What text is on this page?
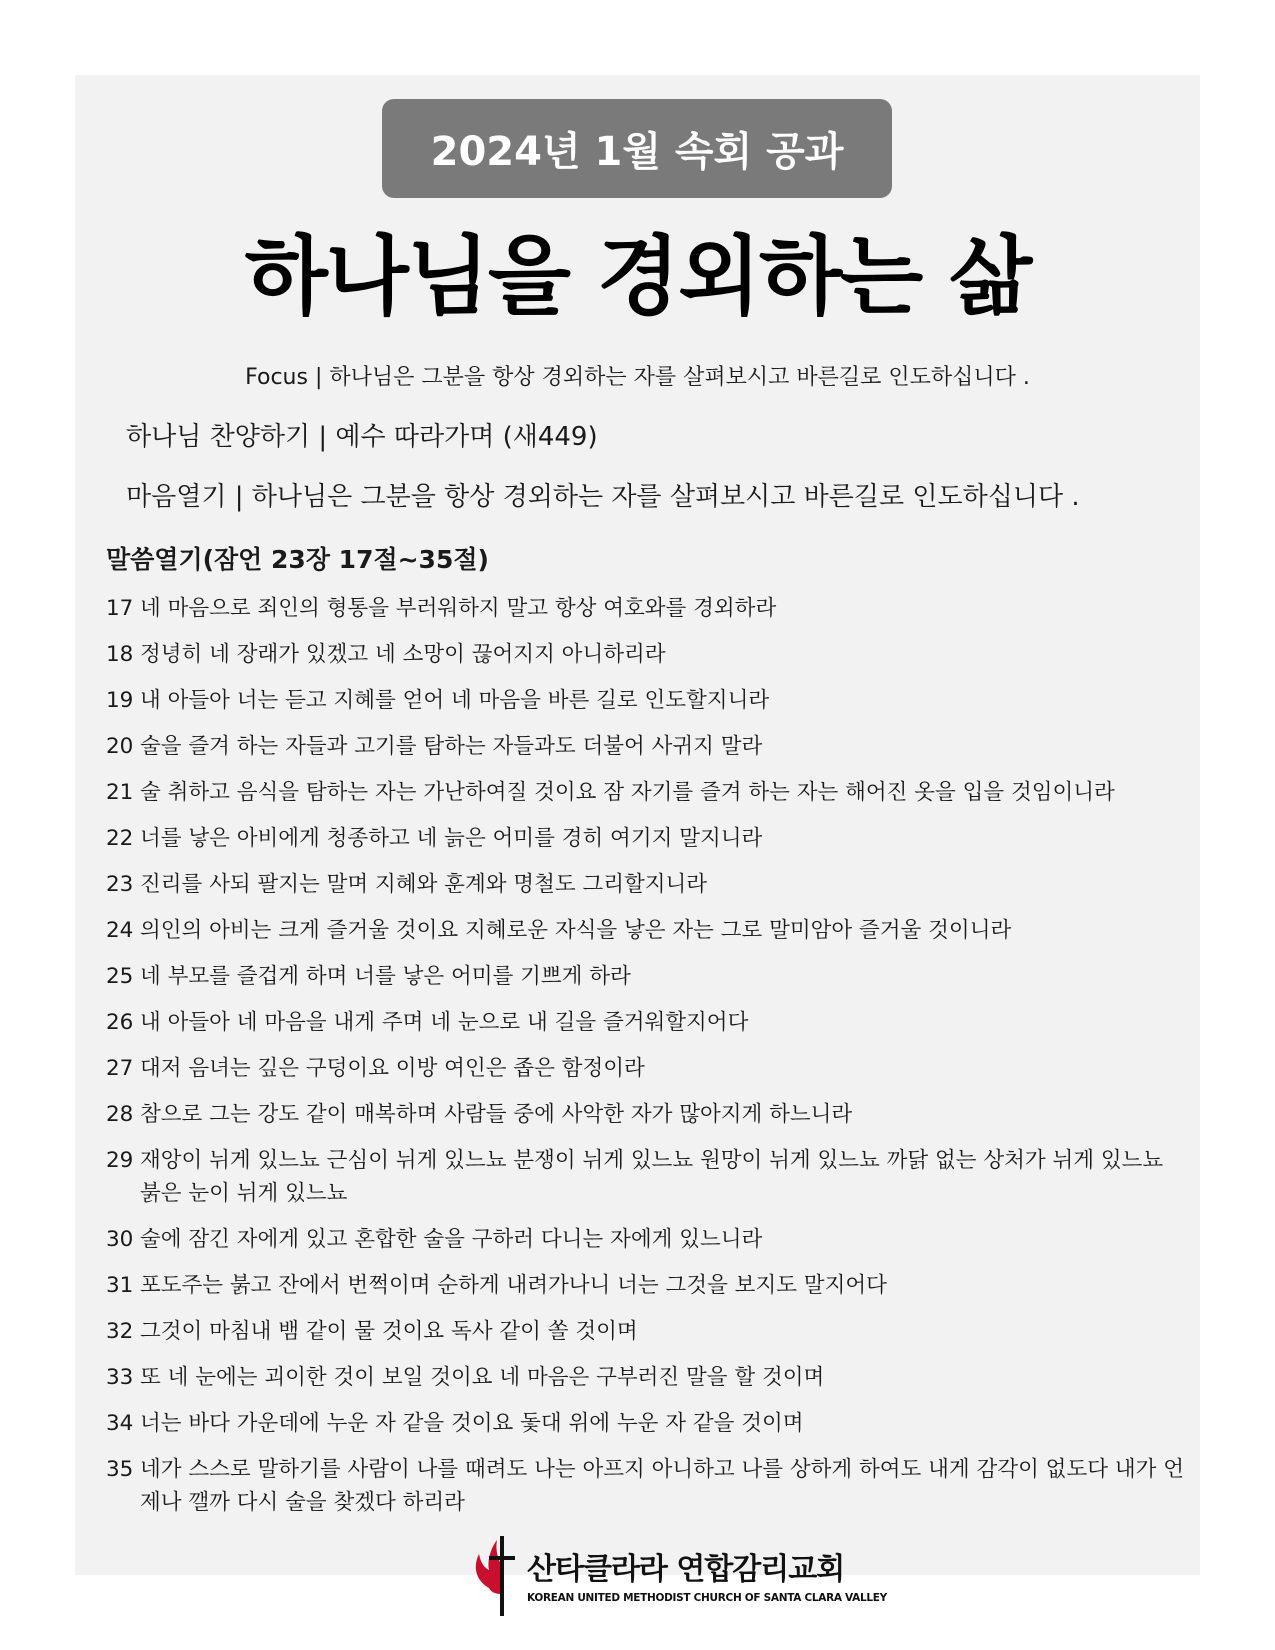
2024년 1월 속회 공과
하나님을 경외하는 삶
Focus | 하나님은 그분을 항상 경외하는 자를 살펴보시고 바른길로 인도하십니다 .
하나님 찬양하기 | 예수 따라가며 (새449)
마음열기 | 하나님은 그분을 항상 경외하는 자를 살펴보시고 바른길로 인도하십니다 .
말씀열기(잠언 23장 17절~35절)
17 네 마음으로 죄인의 형통을 부러워하지 말고 항상 여호와를 경외하라
18 정녕히 네 장래가 있겠고 네 소망이 끊어지지 아니하리라
19 내 아들아 너는 듣고 지혜를 얻어 네 마음을 바른 길로 인도할지니라
20 술을 즐겨 하는 자들과 고기를 탐하는 자들과도 더불어 사귀지 말라
21 술 취하고 음식을 탐하는 자는 가난하여질 것이요 잠 자기를 즐겨 하는 자는 해어진 옷을 입을 것임이니라
22 너를 낳은 아비에게 청종하고 네 늙은 어미를 경히 여기지 말지니라
23 진리를 사되 팔지는 말며 지혜와 훈계와 명철도 그리할지니라
24 의인의 아비는 크게 즐거울 것이요 지혜로운 자식을 낳은 자는 그로 말미암아 즐거울 것이니라
25 네 부모를 즐겁게 하며 너를 낳은 어미를 기쁘게 하라
26 내 아들아 네 마음을 내게 주며 네 눈으로 내 길을 즐거워할지어다
27 대저 음녀는 깊은 구덩이요 이방 여인은 좁은 함정이라
28 참으로 그는 강도 같이 매복하며 사람들 중에 사악한 자가 많아지게 하느니라
29 재앙이 뉘게 있느뇨 근심이 뉘게 있느뇨 분쟁이 뉘게 있느뇨 원망이 뉘게 있느뇨 까닭 없는 상처가 뉘게 있느뇨 붉은 눈이 뉘게 있느뇨
30 술에 잠긴 자에게 있고 혼합한 술을 구하러 다니는 자에게 있느니라
31 포도주는 붉고 잔에서 번쩍이며 순하게 내려가나니 너는 그것을 보지도 말지어다
32 그것이 마침내 뱀 같이 물 것이요 독사 같이 쏠 것이며
33 또 네 눈에는 괴이한 것이 보일 것이요 네 마음은 구부러진 말을 할 것이며
34 너는 바다 가운데에 누운 자 같을 것이요 돛대 위에 누운 자 같을 것이며
35 네가 스스로 말하기를 사람이 나를 때려도 나는 아프지 아니하고 나를 상하게 하여도 내게 감각이 없도다 내가 언제나 깰까 다시 술을 찾겠다 하리라
산타클라라 연합감리교회
KOREAN UNITED METHODIST CHURCH OF SANTA CLARA VALLEY
